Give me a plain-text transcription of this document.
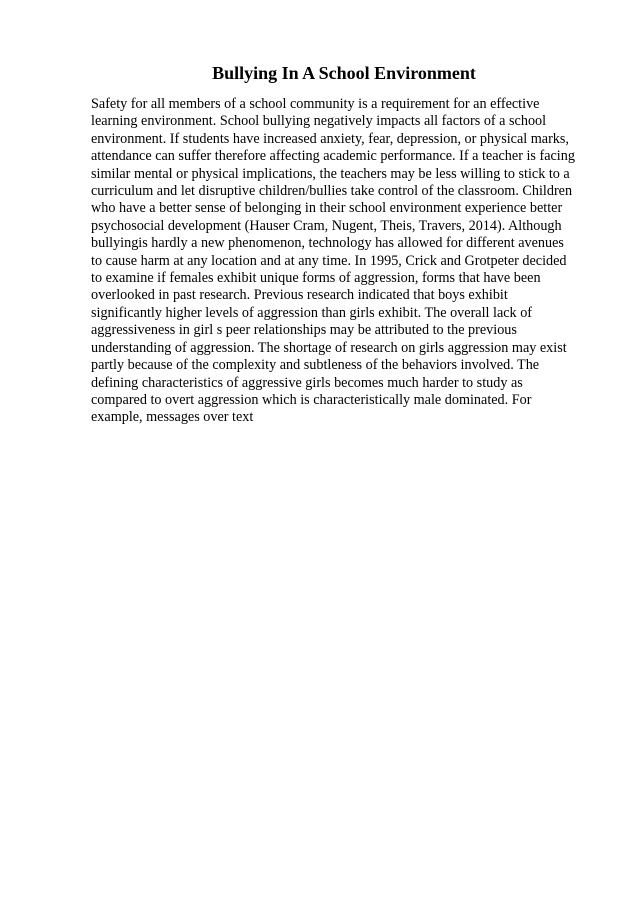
Bullying In A School Environment
Safety for all members of a school community is a requirement for an effective
learning environment. School bullying negatively impacts all factors of a school
environment. If students have increased anxiety, fear, depression, or physical marks,
attendance can suffer therefore affecting academic performance. If a teacher is facing
similar mental or physical implications, the teachers may be less willing to stick to a
curriculum and let disruptive children/bullies take control of the classroom. Children
who have a better sense of belonging in their school environment experience better
psychosocial development (Hauser Cram, Nugent, Theis, Travers, 2014). Although
bullyingis hardly a new phenomenon, technology has allowed for different avenues
to cause harm at any location and at any time. In 1995, Crick and Grotpeter decided
to examine if females exhibit unique forms of aggression, forms that have been
overlooked in past research. Previous research indicated that boys exhibit
significantly higher levels of aggression than girls exhibit. The overall lack of
aggressiveness in girl s peer relationships may be attributed to the previous
understanding of aggression. The shortage of research on girls aggression may exist
partly because of the complexity and subtleness of the behaviors involved. The
defining characteristics of aggressive girls becomes much harder to study as
compared to overt aggression which is characteristically male dominated. For
example, messages over text
